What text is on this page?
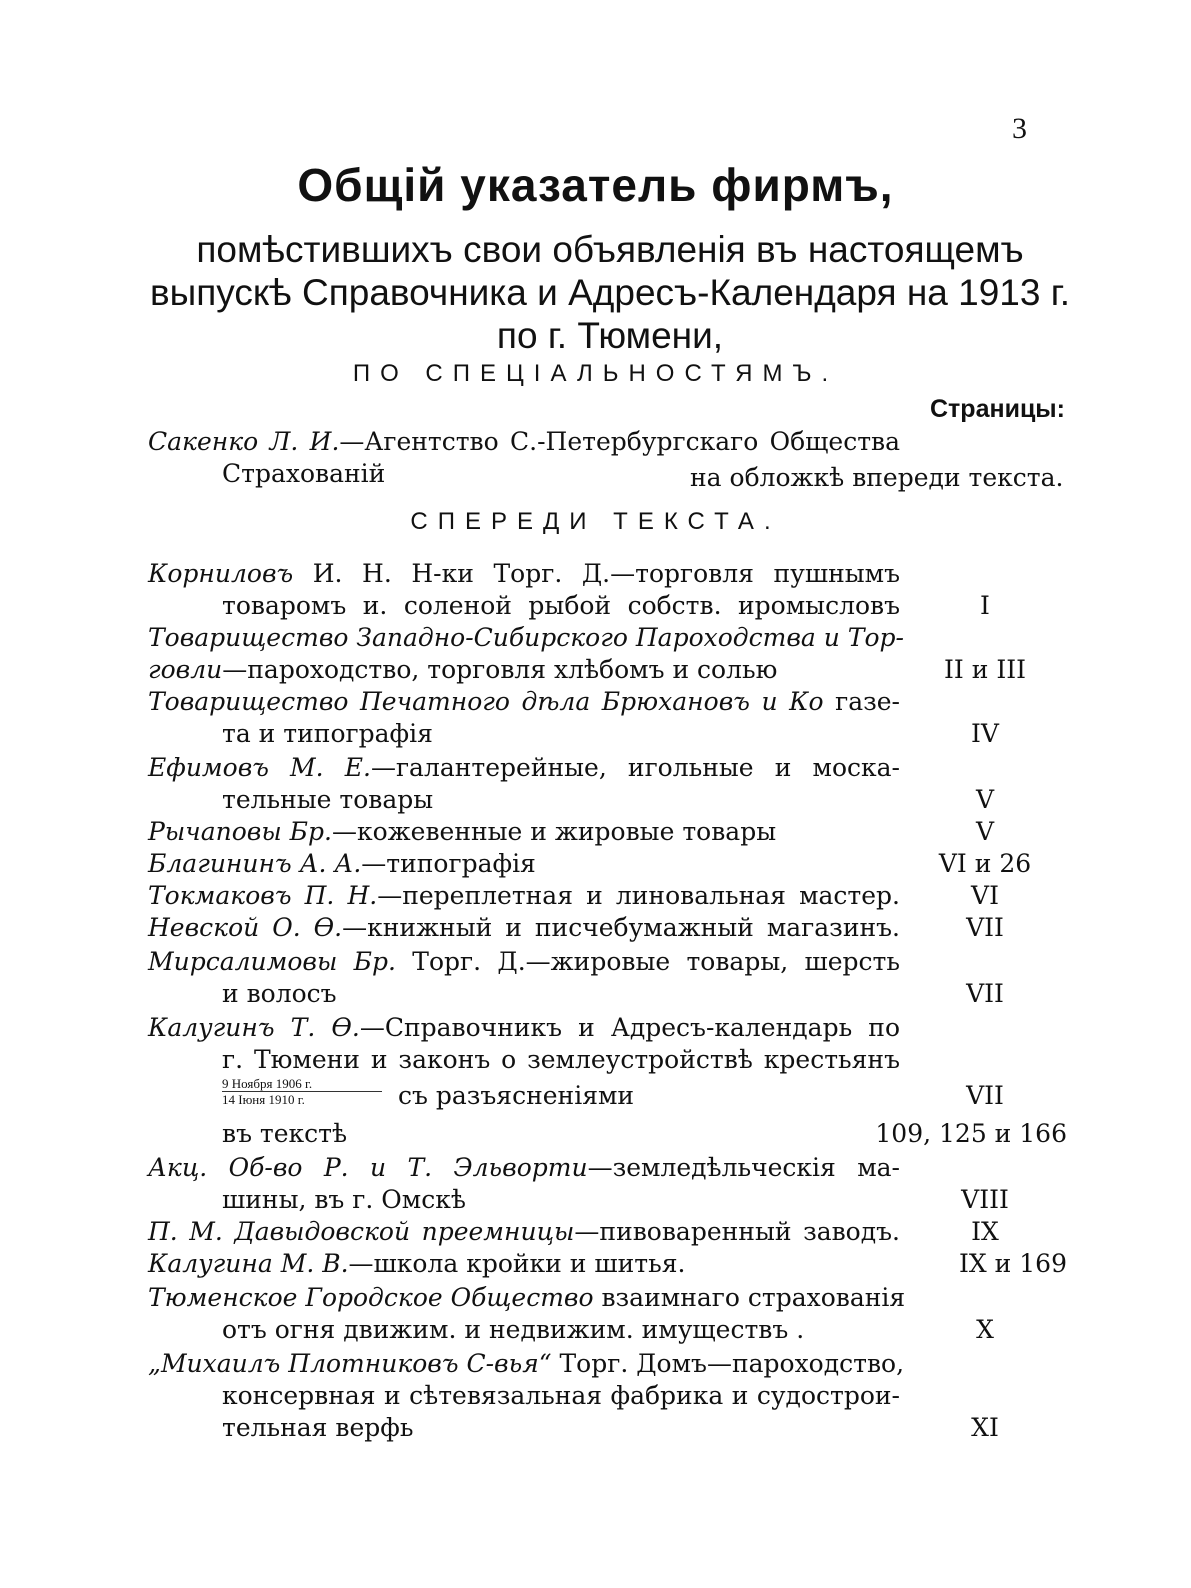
3
Общій указатель фирмъ,
помѣстившихъ свои объявленія въ настоящемъ выпускѣ Справочника и Адресъ-Календаря на 1913 г. по г. Тюмени,
ПО СПЕЦІАЛЬНОСТЯМЪ.
Страницы:
Сакенко Л. И.—Агентство С.-Петербургскаго Общества
Страхованій	на обложкѣ впереди текста.
СПЕРЕДИ ТЕКСТА.
Корниловъ И. Н. Н-ки Торг. Д.—торговля пушнымъ
товаромъ и. соленой рыбой собств. иромысловъ	I
Товарищество Западно-Сибирского Пароходства и Тор-
говли—пароходство, торговля хлѣбомъ и солью	II и III
Товарищество Печатного дѣла Брюхановъ и Ко газе-
та и типографія	IV
Ефимовъ М. Е.—галантерейные, игольные и моска-
тельные товары	V
Рычаповы Бр.—кожевенные и жировые товары	V
Благининъ А. А.—типографія	VI и 26
Токмаковъ П. Н.—переплетная и линовальная мастер.	VI
Невской О. Ѳ.—книжный и писчебумажный магазинъ.	VII
Мирсалимовы Бр. Торг. Д.—жировые товары, шерсть
и волосъ	VII
Калугинъ Т. Ѳ.—Справочникъ и Адресъ-календарь по
г. Тюмени и законъ о землеустройствѣ крестьянъ
9 Ноября 1906 г.
14 Іюня 1910 г.	съ разъясненіями	VII
въ текстѣ	109, 125 и 166
Акц. Об-во Р. и Т. Эльворти—земледѣльческія ма-
шины, въ г. Омскѣ	VIII
П. М. Давыдовской преемницы—пивоваренный заводъ.	IX
Калугина М. В.—школа кройки и шитья.	IX и 169
Тюменское Городское Общество взаимнаго страхованія
отъ огня движим. и недвижим. имуществъ .	X
„Михаилъ Плотниковъ С-вья“ Торг. Домъ—пароходство,
консервная и сѣтевязальная фабрика и судострои-
тельная верфь	XI
